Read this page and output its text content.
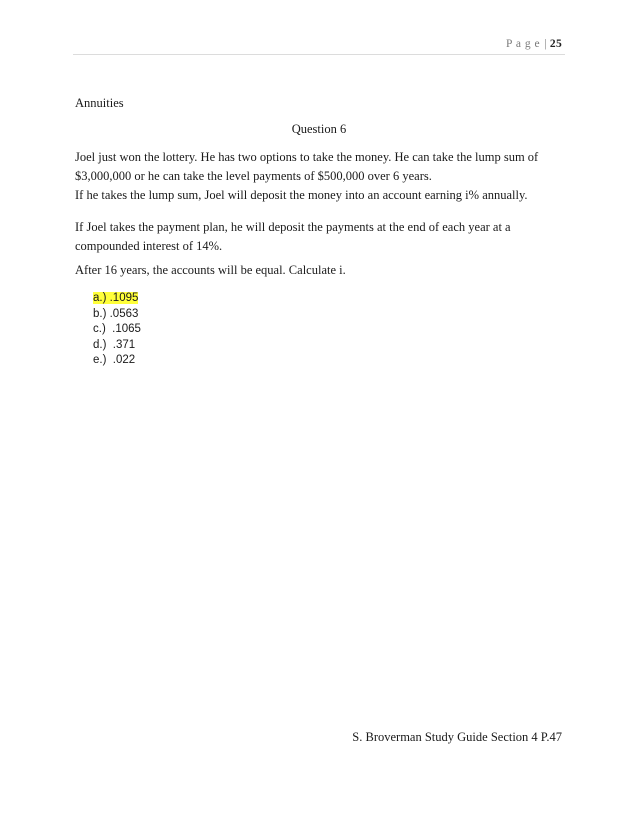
P a g e | 25
Annuities
Question 6
Joel just won the lottery. He has two options to take the money. He can take the lump sum of $3,000,000 or he can take the level payments of $500,000 over 6 years.
If he takes the lump sum, Joel will deposit the money into an account earning i% annually.
If Joel takes the payment plan, he will deposit the payments at the end of each year at a compounded interest of 14%.
After 16 years, the accounts will be equal. Calculate i.
a.) .1095
b.) .0563
c.)  .1065
d.)  .371
e.)  .022
S. Broverman Study Guide Section 4 P.47
